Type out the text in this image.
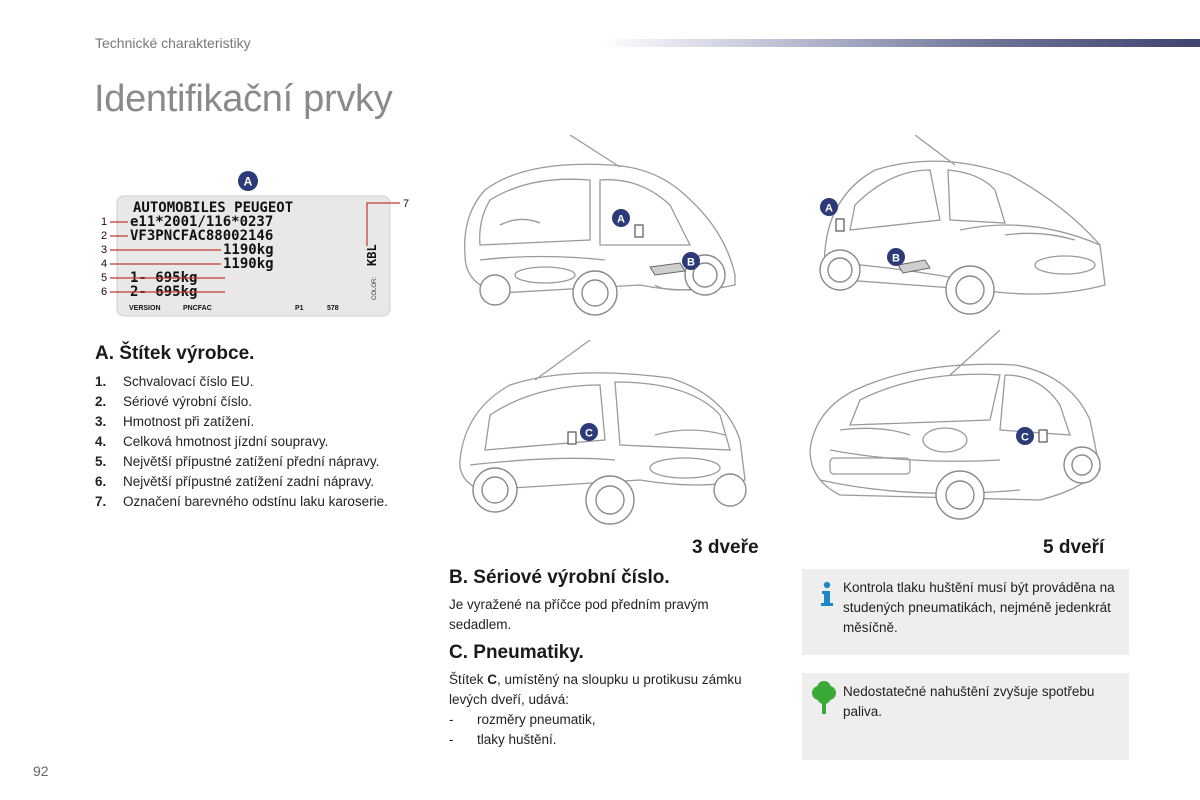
Technické charakteristiky
Identifikační prvky
A
AUTOMOBILES PEUGEOT
e11*2001/116*0237
VF3PNCFAC88002146
1190kg
1190kg
1- 695kg
2- 695kg
1
2
3
4
5
6
7
KBL
COLOR:
VERSION	PNCFAC	P1	578
A. Štítek výrobce.
1.	Schvalovací číslo EU.
2.	Sériové výrobní číslo.
3.	Hmotnost při zatížení.
4.	Celková hmotnost jízdní soupravy.
5.	Největší přípustné zatížení přední nápravy.
6.	Největší přípustné zatížení zadní nápravy.
7.	Označení barevného odstínu laku karoserie.
A
B
C
A
B
C
3 dveře	5 dveří
B. Sériové výrobní číslo.
Je vyražené na příčce pod předním pravým sedadlem.
C. Pneumatiky.
Štítek C, umístěný na sloupku u protikusu zámku levých dveří, udává:
-	rozměry pneumatik,
-	tlaky huštění.
Kontrola tlaku huštění musí být prováděna na studených pneumatikách, nejméně jedenkrát měsíčně.
Nedostatečné nahuštění zvyšuje spotřebu paliva.
92
